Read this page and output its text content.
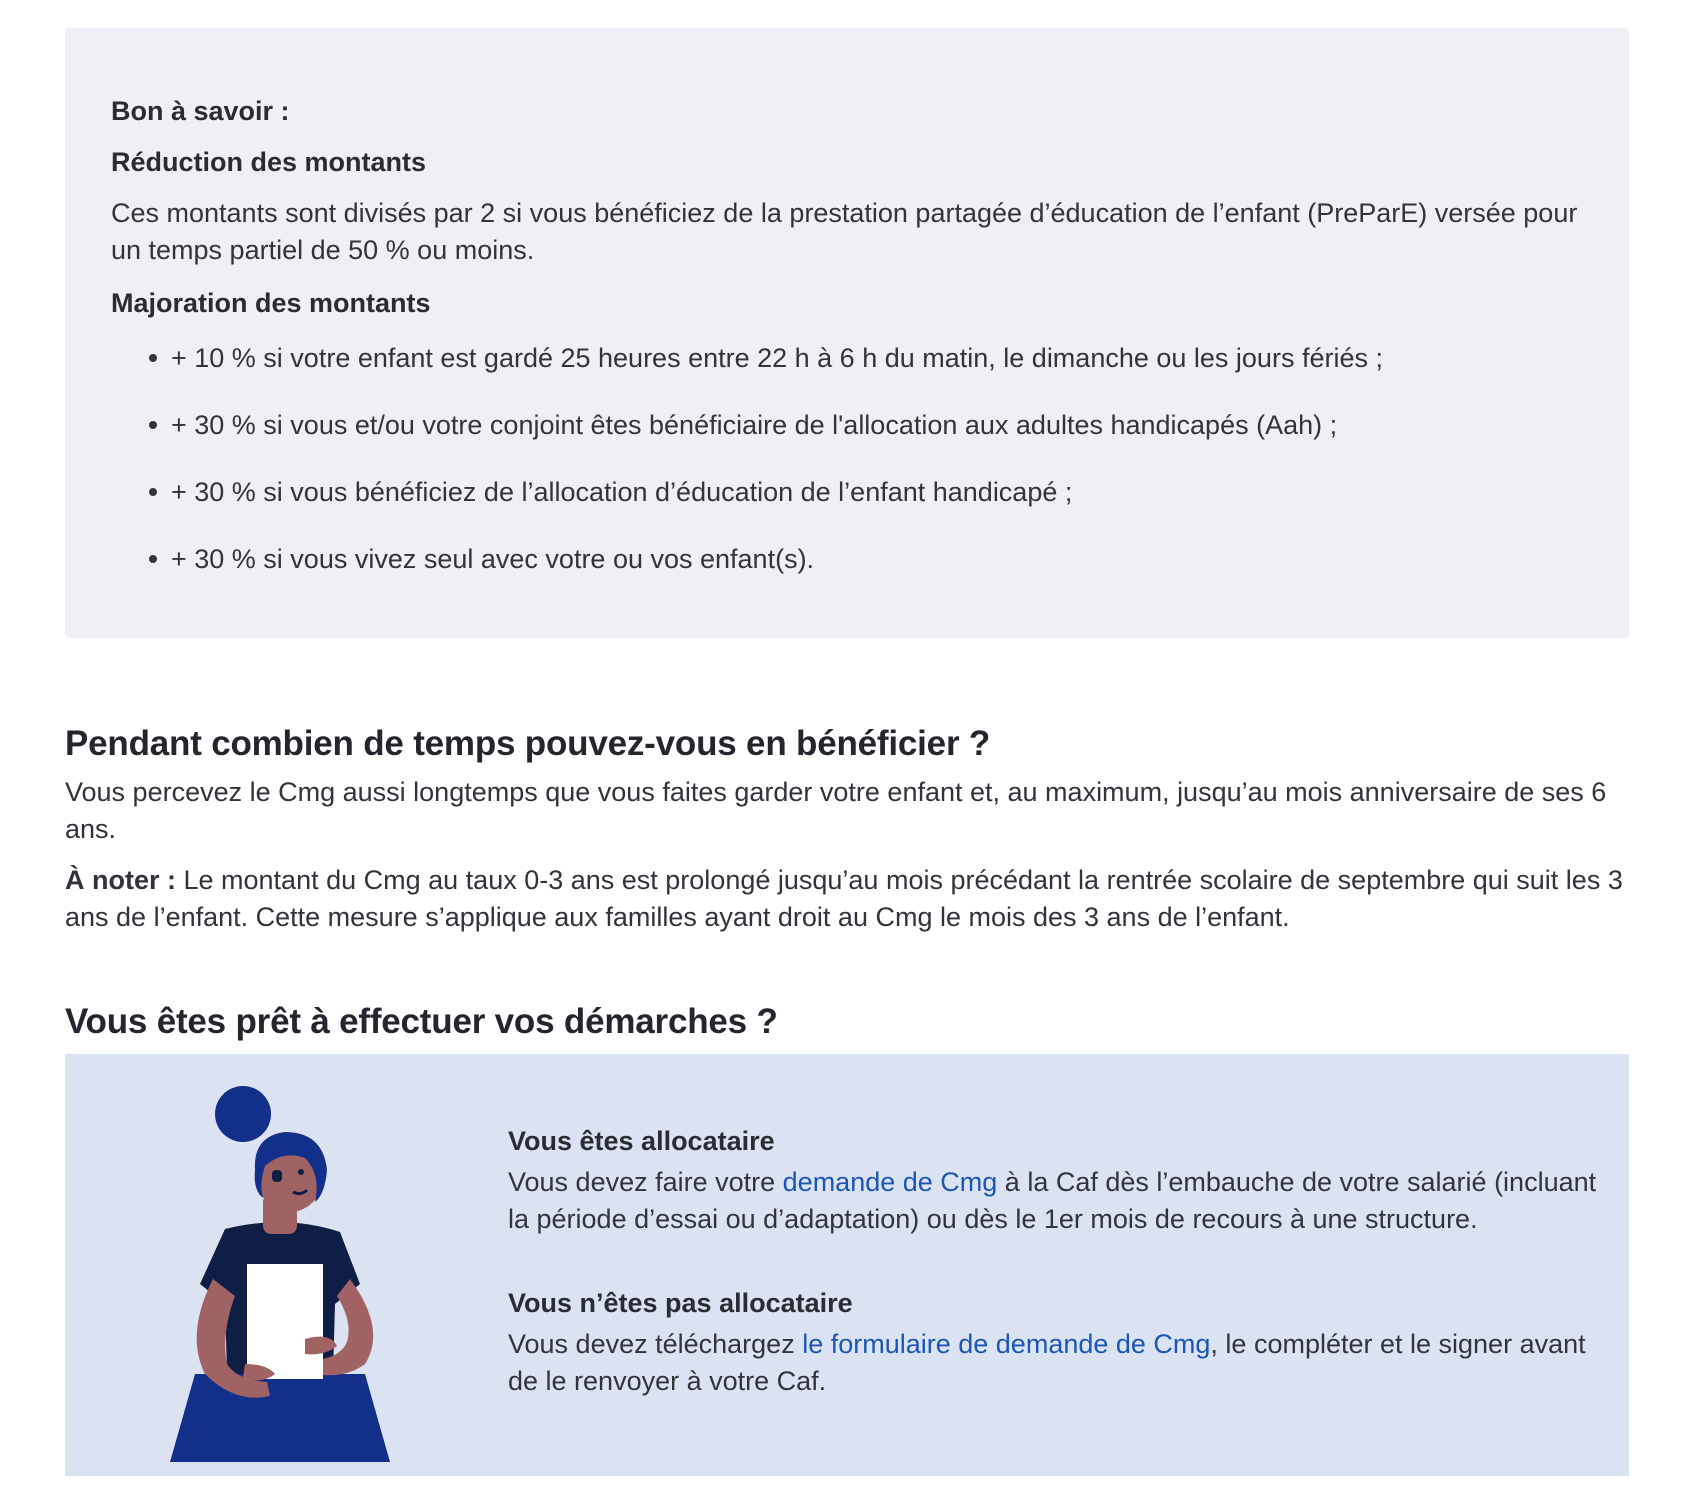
Bon à savoir :

Réduction des montants

Ces montants sont divisés par 2 si vous bénéficiez de la prestation partagée d’éducation de l’enfant (PreParE) versée pour un temps partiel de 50 % ou moins.

Majoration des montants

+ 10 % si votre enfant est gardé 25 heures entre 22 h à 6 h du matin, le dimanche ou les jours fériés ;
+ 30 % si vous et/ou votre conjoint êtes bénéficiaire de l'allocation aux adultes handicapés (Aah) ;
+ 30 % si vous bénéficiez de l’allocation d’éducation de l’enfant handicapé ;
+ 30 % si vous vivez seul avec votre ou vos enfant(s).
Pendant combien de temps pouvez-vous en bénéficier ?

Vous percevez le Cmg aussi longtemps que vous faites garder votre enfant et, au maximum, jusqu’au mois anniversaire de ses 6 ans.

À noter : Le montant du Cmg au taux 0-3 ans est prolongé jusqu’au mois précédant la rentrée scolaire de septembre qui suit les 3 ans de l’enfant. Cette mesure s’applique aux familles ayant droit au Cmg le mois des 3 ans de l’enfant.

Vous êtes prêt à effectuer vos démarches ?

Vous êtes allocataire

Vous devez faire votre demande de Cmg à la Caf dès l’embauche de votre salarié (incluant la période d’essai ou d’adaptation) ou dès le 1er mois de recours à une structure.

Vous n’êtes pas allocataire

Vous devez téléchargez le formulaire de demande de Cmg, le compléter et le signer avant de le renvoyer à votre Caf.
